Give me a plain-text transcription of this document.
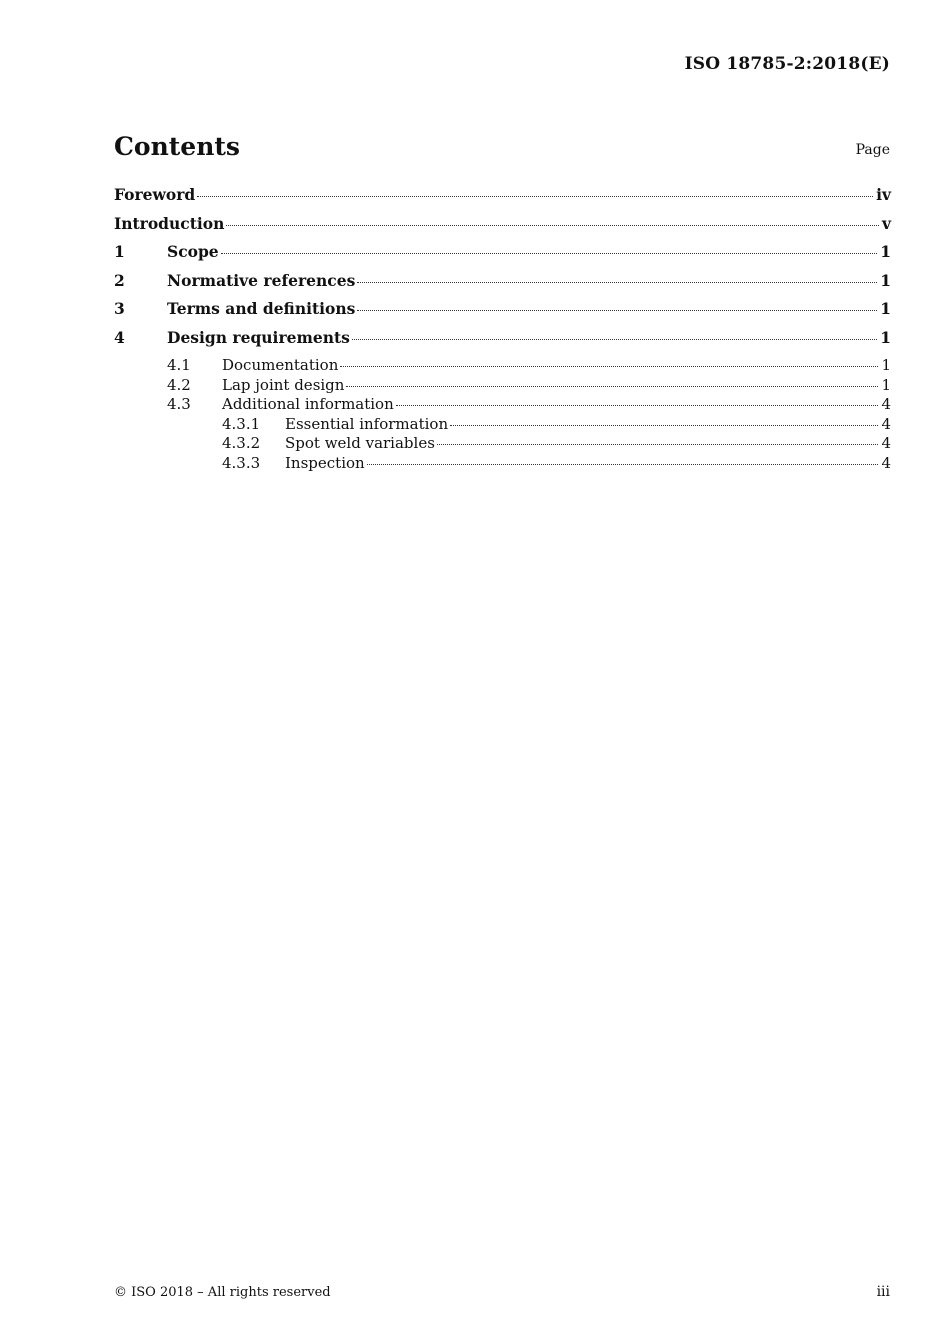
ISO 18785-2:2018(E)
Contents	Page
Foreword	iv
Introduction	v
1	Scope	1
2	Normative references	1
3	Terms and definitions	1
4	Design requirements	1
4.1	Documentation	1
4.2	Lap joint design	1
4.3	Additional information	4
4.3.1	Essential information	4
4.3.2	Spot weld variables	4
4.3.3	Inspection	4
© ISO 2018 – All rights reserved	iii
